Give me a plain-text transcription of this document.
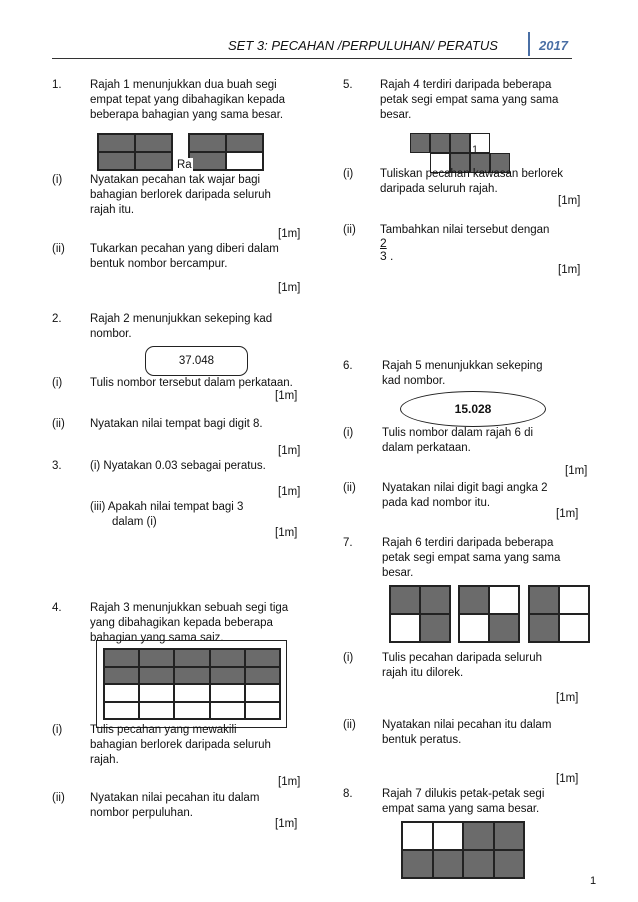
SET 3: PECAHAN /PERPULUHAN/ PERATUS	2017
1. Rajah 1 menunjukkan dua buah segi
empat tepat yang dibahagikan kepada
beberapa bahagian yang sama besar.
Ra
(i) Nyatakan pecahan tak wajar bagi
bahagian berlorek daripada seluruh
rajah itu.
[1m]
(ii) Tukarkan pecahan yang diberi dalam
bentuk nombor bercampur.
[1m]
2. Rajah 2 menunjukkan sekeping kad
nombor.
37.048
(i) Tulis nombor tersebut dalam perkataan.
[1m]
(ii) Nyatakan nilai tempat bagi digit 8.
[1m]
3. (i) Nyatakan 0.03 sebagai peratus.
[1m]
(iii) Apakah nilai tempat bagi 3
dalam (i)
[1m]
4. Rajah 3 menunjukkan sebuah segi tiga
yang dibahagikan kepada beberapa
bahagian yang sama saiz.
(i) Tulis pecahan yang mewakili
bahagian berlorek daripada seluruh
rajah.
[1m]
(ii) Nyatakan nilai pecahan itu dalam
nombor perpuluhan.
[1m]
5. Rajah 4 terdiri daripada beberapa
petak segi empat sama yang sama
besar.
1
(i) Tuliskan pecahan kawasan berlorek
daripada seluruh rajah.
[1m]
(ii) Tambahkan nilai tersebut dengan
2
3 .
[1m]
6.	Rajah 5 menunjukkan sekeping
kad nombor.
15.028
(i)	Tulis nombor dalam rajah 6 di
dalam perkataan.
[1m]
(ii) Nyatakan nilai digit bagi angka 2
pada kad nombor itu.
[1m]
7.	Rajah 6 terdiri daripada beberapa
petak segi empat sama yang sama
besar.
(i)	Tulis pecahan daripada seluruh
rajah itu dilorek.
[1m]
(ii) Nyatakan nilai pecahan itu dalam
bentuk peratus.
[1m]
8.	Rajah 7 dilukis petak-petak segi
empat sama yang sama besar.
1
